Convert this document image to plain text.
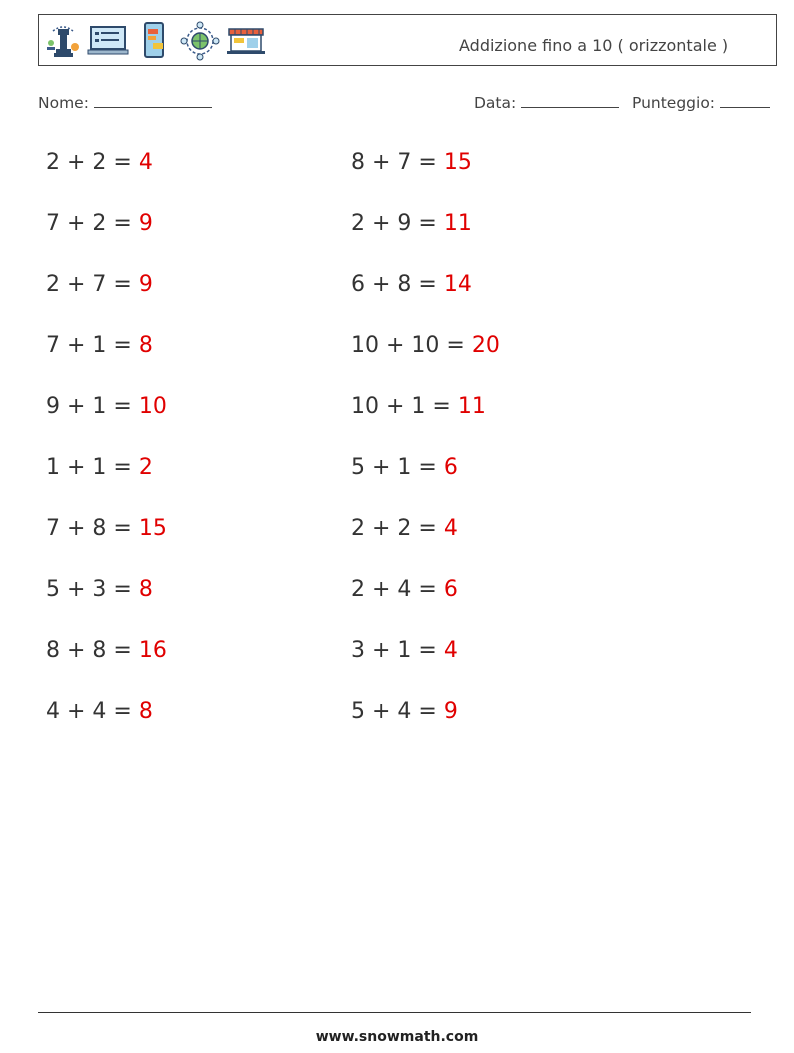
Addizione fino a 10 ( orizzontale )
Nome:	Data:	Punteggio:
2 + 2 = 4
7 + 2 = 9
2 + 7 = 9
7 + 1 = 8
9 + 1 = 10
1 + 1 = 2
7 + 8 = 15
5 + 3 = 8
8 + 8 = 16
4 + 4 = 8
8 + 7 = 15
2 + 9 = 11
6 + 8 = 14
10 + 10 = 20
10 + 1 = 11
5 + 1 = 6
2 + 2 = 4
2 + 4 = 6
3 + 1 = 4
5 + 4 = 9
www.snowmath.com
